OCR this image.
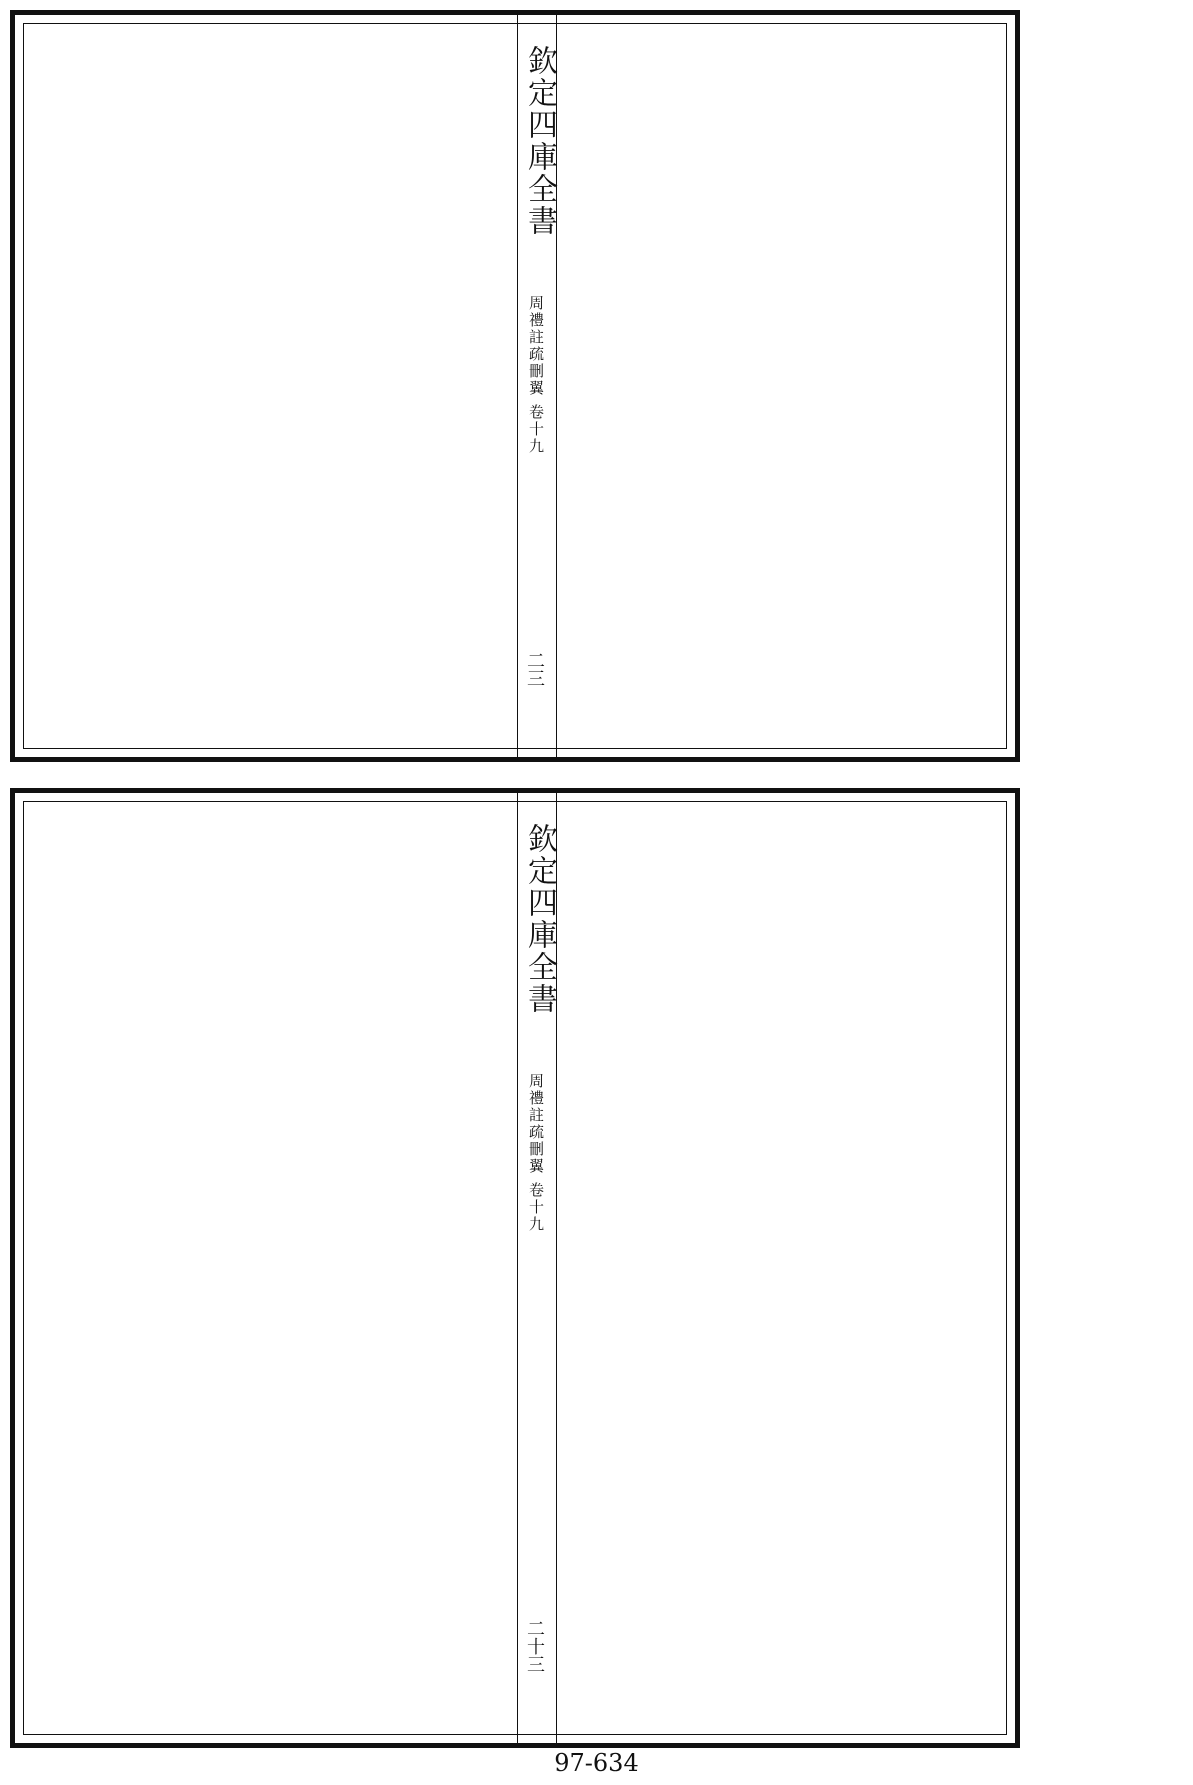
欽定四庫全書
周禮註疏刪翼 卷十九
二三
欽定四庫全書
周禮註疏刪翼 卷十九
二十三
97-634
